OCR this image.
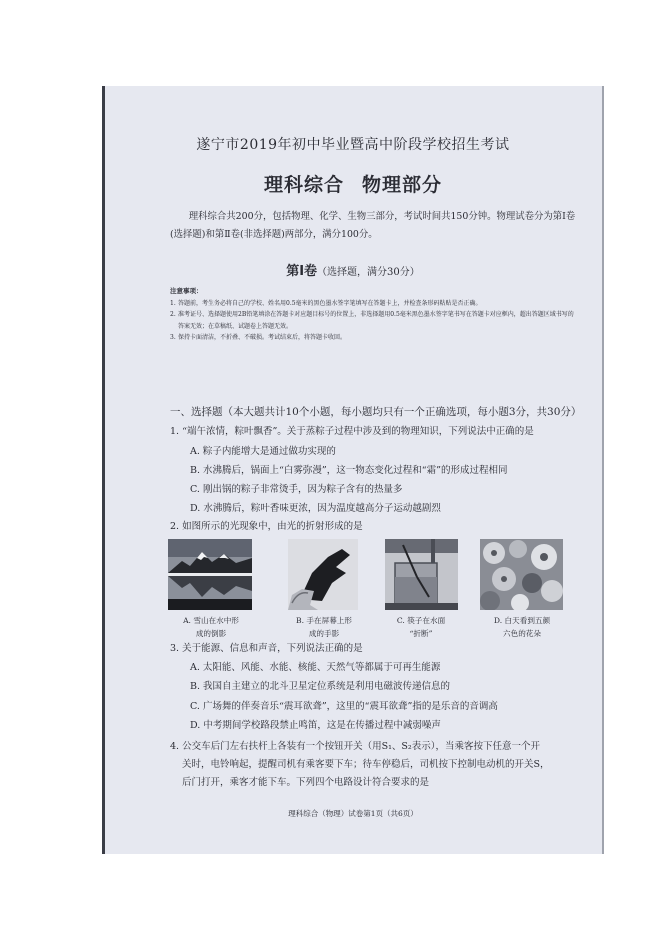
遂宁市2019年初中毕业暨高中阶段学校招生考试
理科综合 物理部分
理科综合共200分，包括物理、化学、生物三部分，考试时间共150分钟。物理试卷分为第Ⅰ卷(选择题)和第Ⅱ卷(非选择题)两部分，满分100分。
第Ⅰ卷（选择题，满分30分）
注意事项：
1. 答题前，考生务必将自己的学校、姓名用0.5毫米的黑色墨水签字笔填写在答题卡上，并检查条形码粘贴是否正确。
2. 准考证号、选择题使用2B铅笔填涂在答题卡对应题目标号的位置上，非选择题用0.5毫米黑色墨水签字笔书写在答题卡对应框内，超出答题区域书写的答案无效；在草稿纸、试题卷上答题无效。
3. 保持卡面清洁，不折叠、不破损。考试结束后，将答题卡收回。
一、选择题（本大题共计10个小题，每小题均只有一个正确选项，每小题3分，共30分）
1. “端午浓情，粽叶飘香”。关于蒸粽子过程中涉及到的物理知识，下列说法中正确的是
A. 粽子内能增大是通过做功实现的
B. 水沸腾后，锅面上“白雾弥漫”，这一物态变化过程和“霜”的形成过程相同
C. 刚出锅的粽子非常烫手，因为粽子含有的热量多
D. 水沸腾后，粽叶香味更浓，因为温度越高分子运动越剧烈
2. 如图所示的光现象中，由光的折射形成的是
A. 雪山在水中形
成的倒影
B. 手在屏幕上形
成的手影
C. 筷子在水面
“折断”
D. 白天看到五颜
六色的花朵
3. 关于能源、信息和声音，下列说法正确的是
A. 太阳能、风能、水能、核能、天然气等都属于可再生能源
B. 我国自主建立的北斗卫星定位系统是利用电磁波传递信息的
C. 广场舞的伴奏音乐“震耳欲聋”，这里的“震耳欲聋”指的是乐音的音调高
D. 中考期间学校路段禁止鸣笛，这是在传播过程中减弱噪声
4. 公交车后门左右扶杆上各装有一个按钮开关（用S₁、S₂表示），当乘客按下任意一个开
关时，电铃响起，提醒司机有乘客要下车；待车停稳后，司机按下控制电动机的开关S，
后门打开，乘客才能下车。下列四个电路设计符合要求的是
理科综合（物理）试卷第1页（共6页）
